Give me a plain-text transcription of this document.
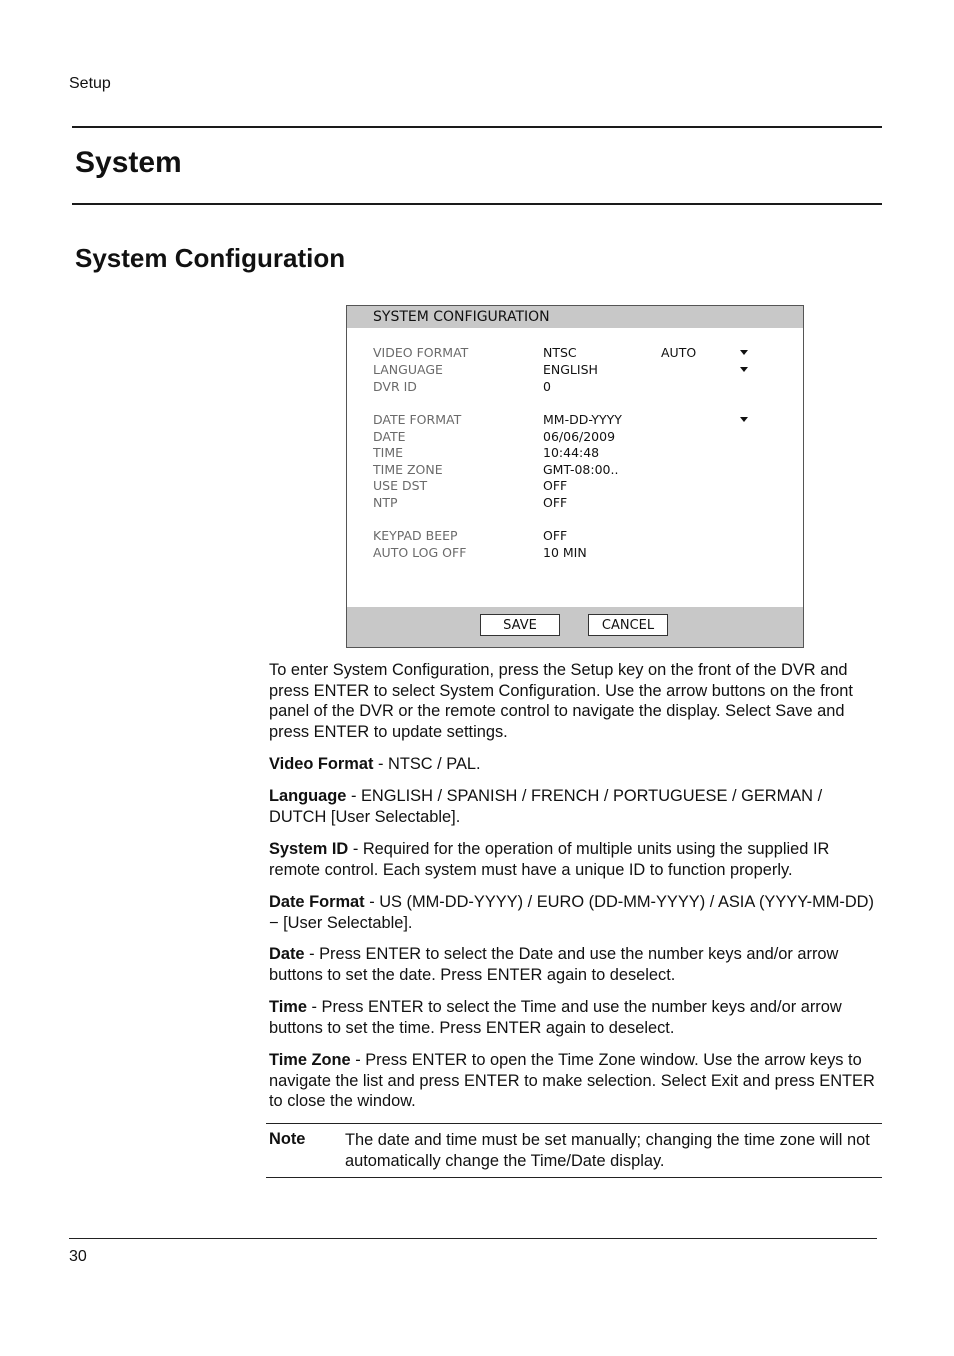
Setup
System
System Configuration
SYSTEM CONFIGURATION
VIDEO FORMAT	NTSC	AUTO
LANGUAGE	ENGLISH
DVR ID	0
DATE FORMAT	MM-DD-YYYY
DATE	06/06/2009
TIME	10:44:48
TIME ZONE	GMT-08:00..
USE DST	OFF
NTP	OFF
KEYPAD BEEP	OFF
AUTO LOG OFF	10 MIN
SAVE	CANCEL
To enter System Configuration, press the Setup key on the front of the DVR and press ENTER to select System Configuration. Use the arrow buttons on the front panel of the DVR or the remote control to navigate the display. Select Save and press ENTER to update settings.
Video Format - NTSC / PAL.
Language - ENGLISH / SPANISH / FRENCH / PORTUGUESE / GERMAN / DUTCH [User Selectable].
System ID - Required for the operation of multiple units using the supplied IR remote control. Each system must have a unique ID to function properly.
Date Format - US (MM-DD-YYYY) / EURO (DD-MM-YYYY) / ASIA (YYYY-MM-DD) − [User Selectable].
Date - Press ENTER to select the Date and use the number keys and/or arrow buttons to set the date. Press ENTER again to deselect.
Time - Press ENTER to select the Time and use the number keys and/or arrow buttons to set the time. Press ENTER again to deselect.
Time Zone - Press ENTER to open the Time Zone window. Use the arrow keys to navigate the list and press ENTER to make selection. Select Exit and press ENTER to close the window.
Note The date and time must be set manually; changing the time zone will not automatically change the Time/Date display.
30
